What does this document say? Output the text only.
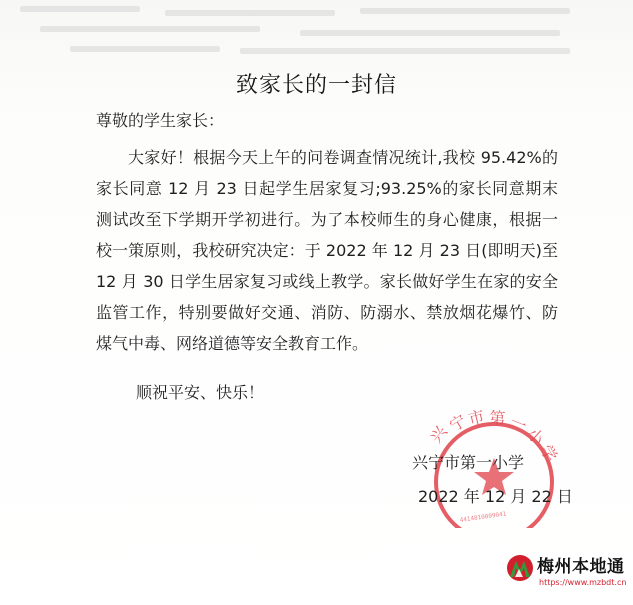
致家长的一封信
尊敬的学生家长：
大家好！根据今天上午的问卷调查情况统计,我校 95.42%的家长同意 12 月 23 日起学生居家复习;93.25%的家长同意期末测试改至下学期开学初进行。为了本校师生的身心健康，根据一校一策原则，我校研究决定：于 2022 年 12 月 23 日(即明天)至 12 月 30 日学生居家复习或线上教学。家长做好学生在家的安全监管工作，特别要做好交通、消防、防溺水、禁放烟花爆竹、防煤气中毒、网络道德等安全教育工作。
顺祝平安、快乐！
兴
宁
市 第 一
小
学
4414810009041
兴宁市第一小学
2022 年 12 月 22 日
梅州本地通
https://www.mzbdt.cn
